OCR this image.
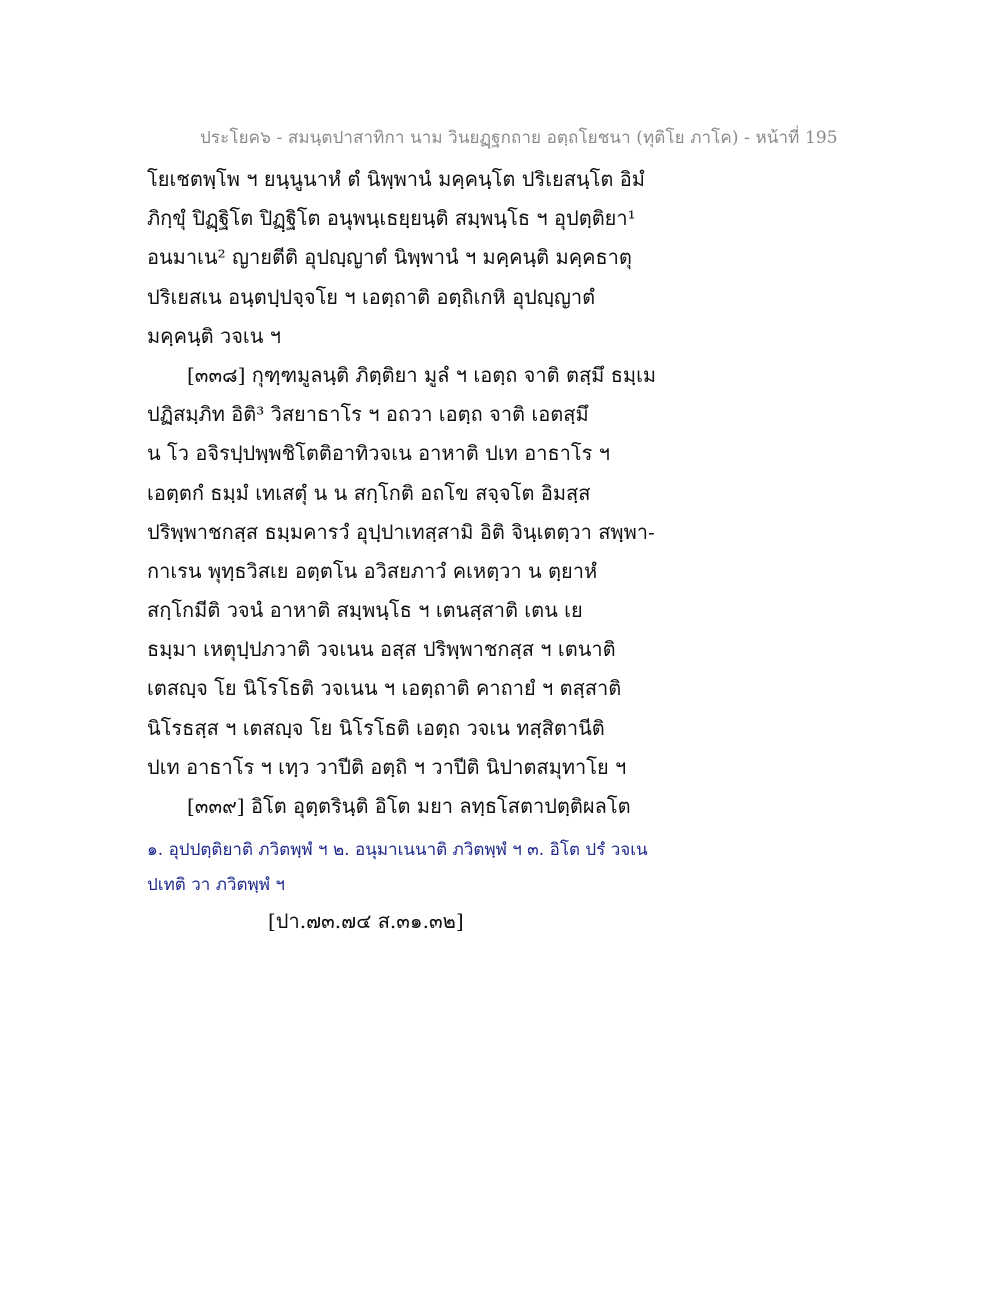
ประโยค๖ - สมนฺตปาสาทิกา นาม วินยฏฺฐกถาย อตฺถโยชนา (ทุติโย ภาโค) - หน้าที่ 195
โยเชตพฺโพ ฯ ยนฺนูนาหํ ตํ นิพฺพานํ มคฺคนฺโต ปริเยสนฺโต อิมํ
ภิกฺขุํ ปิฏฺฐิโต ปิฏฺฐิโต อนุพนฺเธยฺยนฺติ สมฺพนฺโธ ฯ อุปตฺติยา¹
อนมาเน² ญายตีติ อุปญฺญาตํ นิพฺพานํ ฯ มคฺคนฺติ มคฺคธาตุ
ปริเยสเน อนฺตปฺปจฺจโย ฯ เอตฺถาติ อตฺถิเกหิ อุปญฺญาตํ
มคฺคนฺติ วจเน ฯ
[๓๓๘] กุฑฺฑมูลนฺติ ภิตฺติยา มูลํ ฯ เอตฺถ จาติ ตสฺมึ ธมฺเม
ปฏิสมฺภิท อิติ³ วิสยาธาโร ฯ อถวา เอตฺถ จาติ เอตสฺมึ
น โว อจิรปฺปพฺพชิโตติอาทิวจเน อาหาติ ปเท อาธาโร ฯ
เอตฺตกํ ธมฺมํ เทเสตุํ น น สกฺโกติ อถโข สจฺจโต อิมสฺส
ปริพฺพาชกสฺส ธมฺมคารวํ อุปฺปาเทสฺสามิ อิติ จินฺเตตฺวา สพฺพา-
กาเรน พุทฺธวิสเย อตฺตโน อวิสยภาวํ คเหตฺวา น ตฺยาหํ
สกฺโกมีติ วจนํ อาหาติ สมฺพนฺโธ ฯ เตนสฺสาติ เตน เย
ธมฺมา เหตุปฺปภวาติ วจเนน อสฺส ปริพฺพาชกสฺส ฯ เตนาติ
เตสญฺจ โย นิโรโธติ วจเนน ฯ เอตฺถาติ คาถายํ ฯ ตสฺสาติ
นิโรธสฺส ฯ เตสญฺจ โย นิโรโธติ เอตฺถ วจเน ทสฺสิตานีติ
ปเท อาธาโร ฯ เทฺว วาปีติ อตฺถิ ฯ วาปีติ นิปาตสมุทาโย ฯ
[๓๓๙] อิโต อุตฺตรินฺติ อิโต มยา ลทฺธโสตาปตฺติผลโต
๑. อุปปตฺติยาติ ภวิตพฺพํ ฯ ๒. อนุมาเนนาติ ภวิตพฺพํ ฯ ๓. อิโต ปรํ วจเน
ปเทติ วา ภวิตพฺพํ ฯ
[ปา.๗๓.๗๔ ส.๓๑.๓๒]
